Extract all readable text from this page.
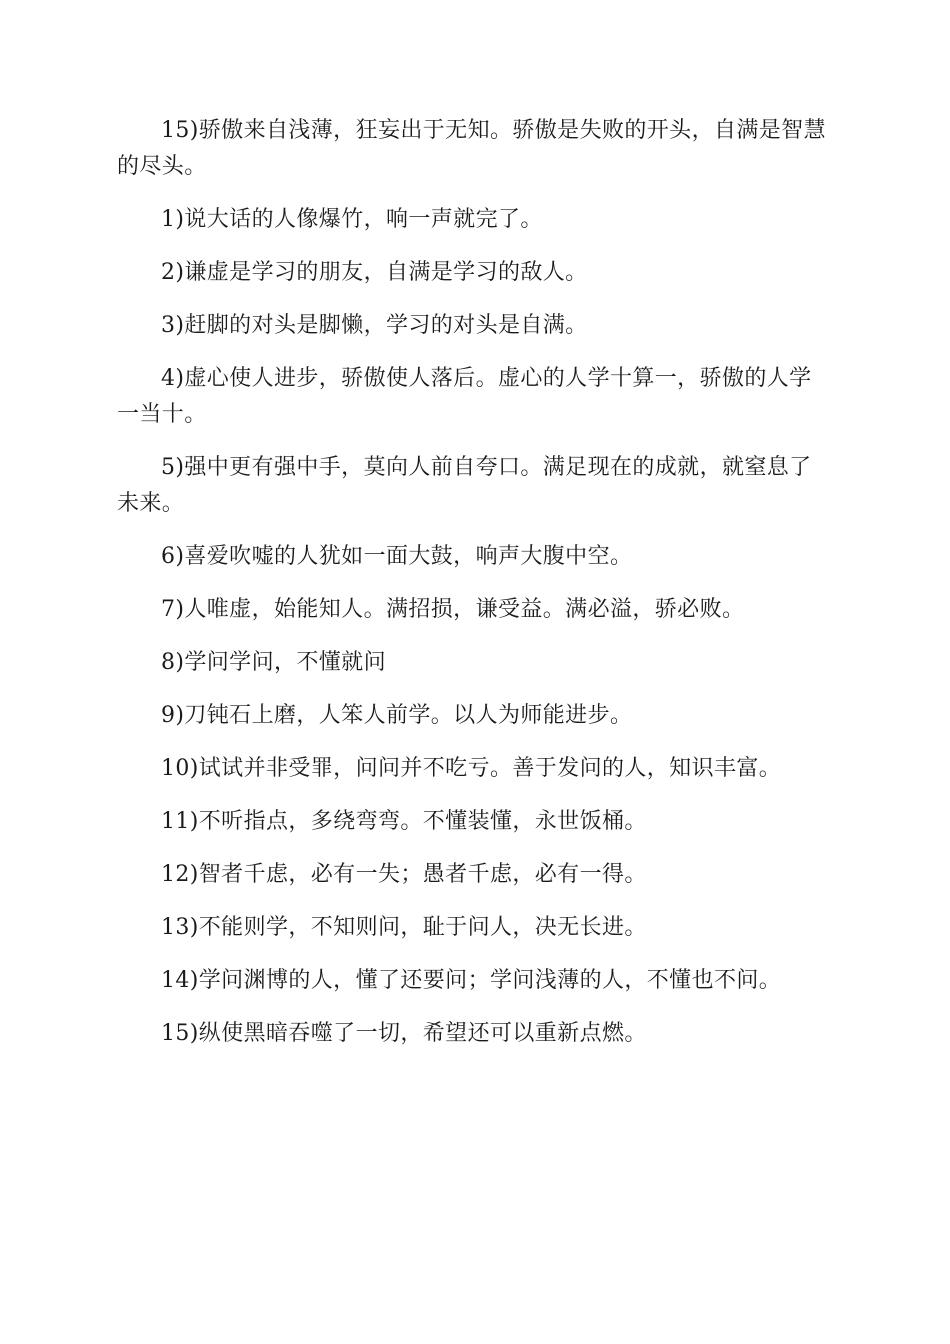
15)骄傲来自浅薄，狂妄出于无知。骄傲是失败的开头，自满是智慧的尽头。

1)说大话的人像爆竹，响一声就完了。

2)谦虚是学习的朋友，自满是学习的敌人。

3)赶脚的对头是脚懒，学习的对头是自满。

4)虚心使人进步，骄傲使人落后。虚心的人学十算一，骄傲的人学一当十。

5)强中更有强中手，莫向人前自夸口。满足现在的成就，就窒息了未来。

6)喜爱吹嘘的人犹如一面大鼓，响声大腹中空。

7)人唯虚，始能知人。满招损，谦受益。满必溢，骄必败。

8)学问学问，不懂就问

9)刀钝石上磨，人笨人前学。以人为师能进步。

10)试试并非受罪，问问并不吃亏。善于发问的人，知识丰富。

11)不听指点，多绕弯弯。不懂装懂，永世饭桶。

12)智者千虑，必有一失；愚者千虑，必有一得。

13)不能则学，不知则问，耻于问人，决无长进。

14)学问渊博的人，懂了还要问；学问浅薄的人，不懂也不问。

15)纵使黑暗吞噬了一切，希望还可以重新点燃。
